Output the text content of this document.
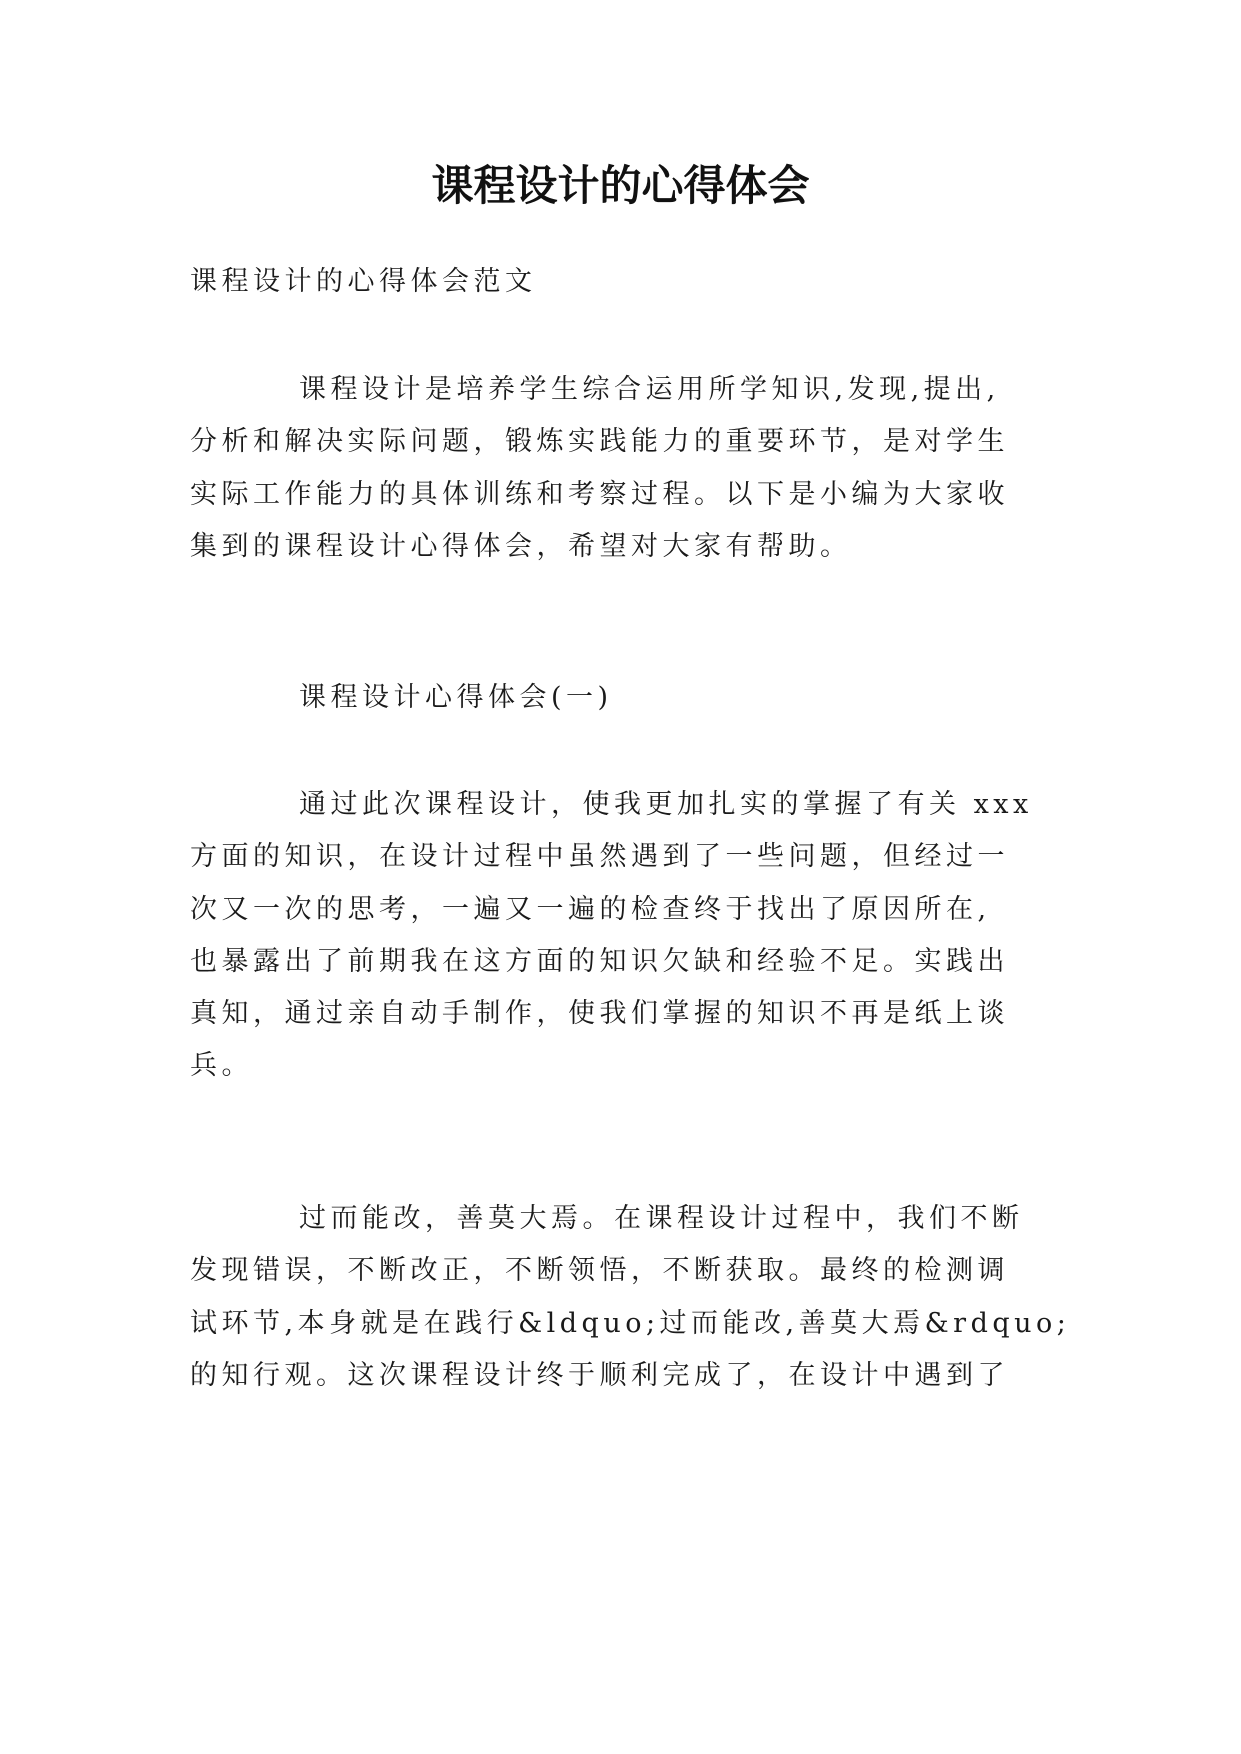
课程设计的心得体会
课程设计的心得体会范文
课程设计是培养学生综合运用所学知识,发现,提出,
分析和解决实际问题，锻炼实践能力的重要环节，是对学生
实际工作能力的具体训练和考察过程。以下是小编为大家收
集到的课程设计心得体会，希望对大家有帮助。
课程设计心得体会(一)
通过此次课程设计，使我更加扎实的掌握了有关 xxx
方面的知识，在设计过程中虽然遇到了一些问题，但经过一
次又一次的思考，一遍又一遍的检查终于找出了原因所在,
也暴露出了前期我在这方面的知识欠缺和经验不足。实践出
真知，通过亲自动手制作，使我们掌握的知识不再是纸上谈
兵。
过而能改，善莫大焉。在课程设计过程中，我们不断
发现错误，不断改正，不断领悟，不断获取。最终的检测调
试环节,本身就是在践行&ldquo;过而能改,善莫大焉&rdquo;
的知行观。这次课程设计终于顺利完成了，在设计中遇到了
